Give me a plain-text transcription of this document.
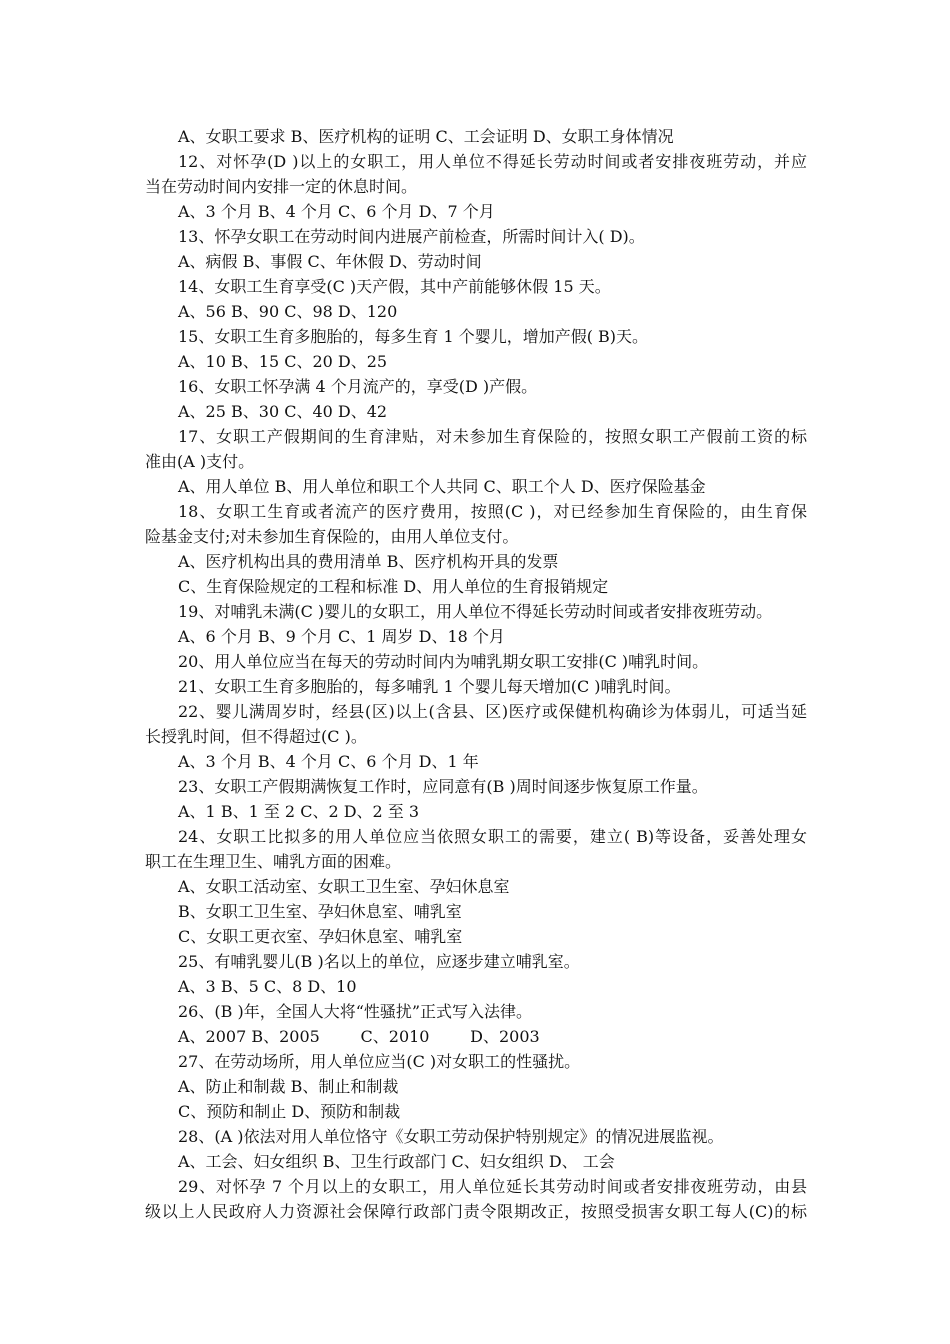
A、女职工要求 B、医疗机构的证明 C、工会证明 D、女职工身体情况
12、对怀孕(D )以上的女职工，用人单位不得延长劳动时间或者安排夜班劳动，并应
当在劳动时间内安排一定的休息时间。
A、3 个月 B、4 个月 C、6 个月 D、7 个月
13、怀孕女职工在劳动时间内进展产前检查，所需时间计入( D)。
A、病假 B、事假 C、年休假 D、劳动时间
14、女职工生育享受(C )天产假，其中产前能够休假 15 天。
A、56 B、90 C、98 D、120
15、女职工生育多胞胎的，每多生育 1 个婴儿，增加产假( B)天。
A、10 B、15 C、20 D、25
16、女职工怀孕满 4 个月流产的，享受(D )产假。
A、25 B、30 C、40 D、42
17、女职工产假期间的生育津贴，对未参加生育保险的，按照女职工产假前工资的标
准由(A )支付。
A、用人单位 B、用人单位和职工个人共同 C、职工个人 D、医疗保险基金
18、女职工生育或者流产的医疗费用，按照(C )，对已经参加生育保险的，由生育保
险基金支付;对未参加生育保险的，由用人单位支付。
A、医疗机构出具的费用清单 B、医疗机构开具的发票
C、生育保险规定的工程和标准 D、用人单位的生育报销规定
19、对哺乳未满(C )婴儿的女职工，用人单位不得延长劳动时间或者安排夜班劳动。
A、6 个月 B、9 个月 C、1 周岁 D、18 个月
20、用人单位应当在每天的劳动时间内为哺乳期女职工安排(C )哺乳时间。
21、女职工生育多胞胎的，每多哺乳 1 个婴儿每天增加(C )哺乳时间。
22、婴儿满周岁时，经县(区)以上(含县、区)医疗或保健机构确诊为体弱儿，可适当延
长授乳时间，但不得超过(C )。
A、3 个月 B、4 个月 C、6 个月 D、1 年
23、女职工产假期满恢复工作时，应同意有(B )周时间逐步恢复原工作量。
A、1 B、1 至 2 C、2 D、2 至 3
24、女职工比拟多的用人单位应当依照女职工的需要，建立( B)等设备，妥善处理女
职工在生理卫生、哺乳方面的困难。
A、女职工活动室、女职工卫生室、孕妇休息室
B、女职工卫生室、孕妇休息室、哺乳室
C、女职工更衣室、孕妇休息室、哺乳室
25、有哺乳婴儿(B )名以上的单位，应逐步建立哺乳室。
A、3 B、5 C、8 D、10
26、(B )年，全国人大将“性骚扰”正式写入法律。
A、2007 B、2005        C、2010        D、2003
27、在劳动场所，用人单位应当(C )对女职工的性骚扰。
A、防止和制裁 B、制止和制裁
C、预防和制止 D、预防和制裁
28、(A )依法对用人单位恪守《女职工劳动保护特别规定》的情况进展监视。
A、工会、妇女组织 B、卫生行政部门 C、妇女组织 D、 工会
29、对怀孕 7 个月以上的女职工，用人单位延长其劳动时间或者安排夜班劳动，由县
级以上人民政府人力资源社会保障行政部门责令限期改正，按照受损害女职工每人(C)的标
